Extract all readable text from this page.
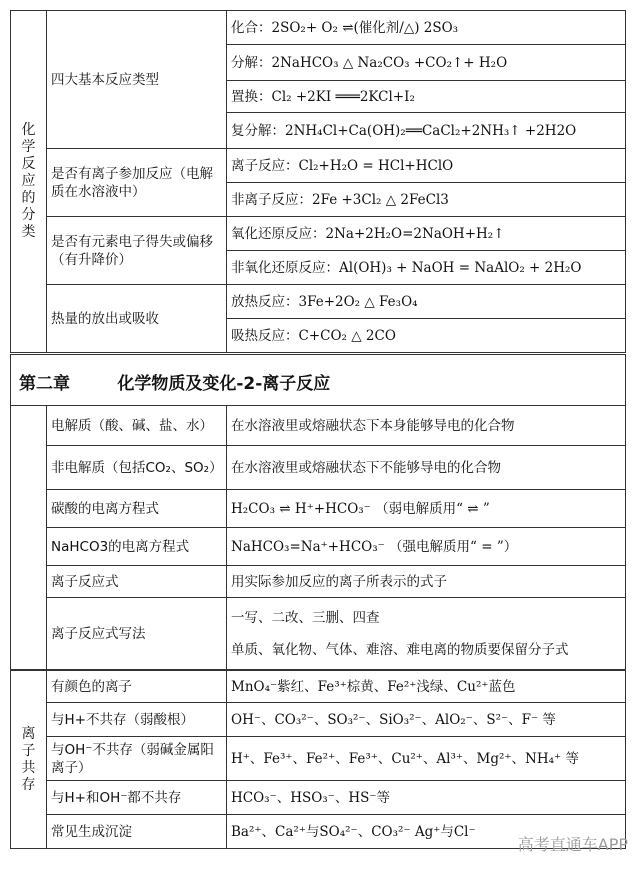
化学反应的分类	四大基本反应类型	化合：2SO₂+ O₂ ⇌(催化剂/△) 2SO₃
		分解：2NaHCO₃ △ Na₂CO₃ +CO₂↑+ H₂O
		置换：Cl₂ +2KI ═══2KCl+I₂
		复分解：2NH₄Cl+Ca(OH)₂══CaCl₂+2NH₃↑ +2H2O
	是否有离子参加反应（电解质在水溶液中）	离子反应：Cl₂+H₂O = HCl+HClO
		非离子反应：2Fe +3Cl₂ △ 2FeCl3
	是否有元素电子得失或偏移（有升降价）	氧化还原反应：2Na+2H₂O=2NaOH+H₂↑
		非氧化还原反应：Al(OH)₃ + NaOH = NaAlO₂ + 2H₂O
	热量的放出或吸收	放热反应：3Fe+2O₂ △ Fe₃O₄
		吸热反应：C+CO₂ △ 2CO
第二章        化学物质及变化-2-离子反应
	电解质（酸、碱、盐、水）	在水溶液里或熔融状态下本身能够导电的化合物
	非电解质（包括CO₂、SO₂）	在水溶液里或熔融状态下不能够导电的化合物
	碳酸的电离方程式	H₂CO₃ ⇌ H⁺+HCO₃⁻ （弱电解质用“ ⇌ ”
	NaHCO3的电离方程式	NaHCO₃=Na⁺+HCO₃⁻ （强电解质用“ = ”）
	离子反应式	用实际参加反应的离子所表示的式子
	离子反应式写法	一写、二改、三删、四查
单质、氧化物、气体、难溶、难电离的物质要保留分子式
离子共存	有颜色的离子	MnO₄⁻紫红、Fe³⁺棕黄、Fe²⁺浅绿、Cu²⁺蓝色
	与H+不共存（弱酸根）	OH⁻、CO₃²⁻、SO₃²⁻、SiO₃²⁻、AlO₂⁻、S²⁻、F⁻ 等
	与OH⁻不共存（弱碱金属阳离子）	H⁺、Fe³⁺、Fe²⁺、Fe³⁺、Cu²⁺、Al³⁺、Mg²⁺、NH₄⁺ 等
	与H+和OH⁻都不共存	HCO₃⁻、HSO₃⁻、HS⁻等
	常见生成沉淀	Ba²⁺、Ca²⁺与SO₄²⁻、CO₃²⁻ Ag⁺与Cl⁻
高考直通车APP
